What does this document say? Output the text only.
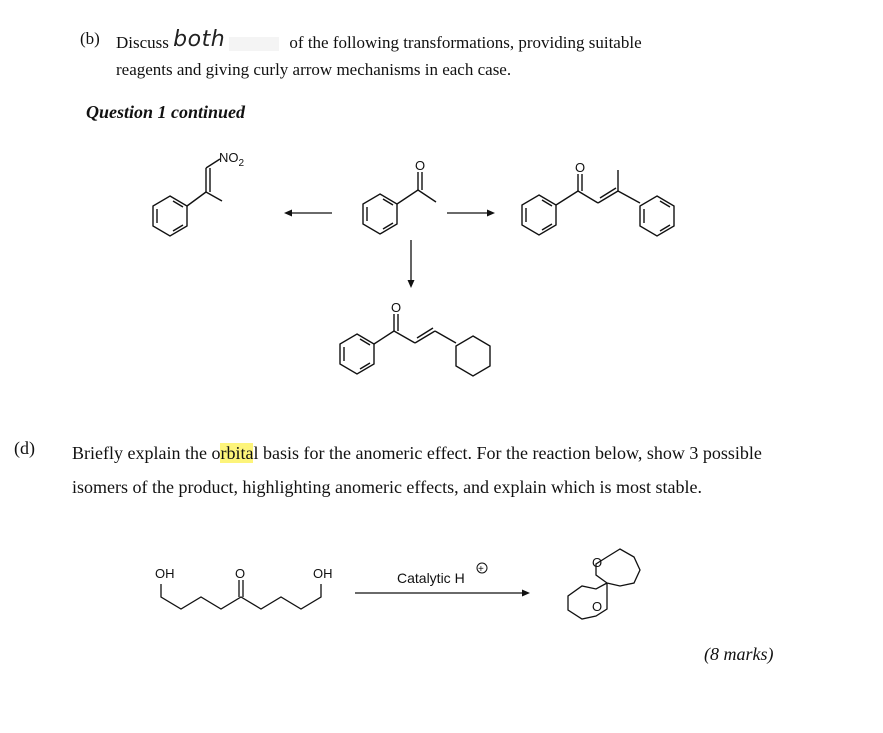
(b) Discuss both	of the following transformations, providing suitable
reagents and giving curly arrow mechanisms in each case.
Question 1 continued
$NO_2$	O	O
O
(d) Briefly explain the orbital basis for the anomeric effect. For the reaction below, show 3 possible isomers of the product, highlighting anomeric effects, and explain which is most stable.
OH	O	OH	Catalytic H
O
O
+
(8 marks)
